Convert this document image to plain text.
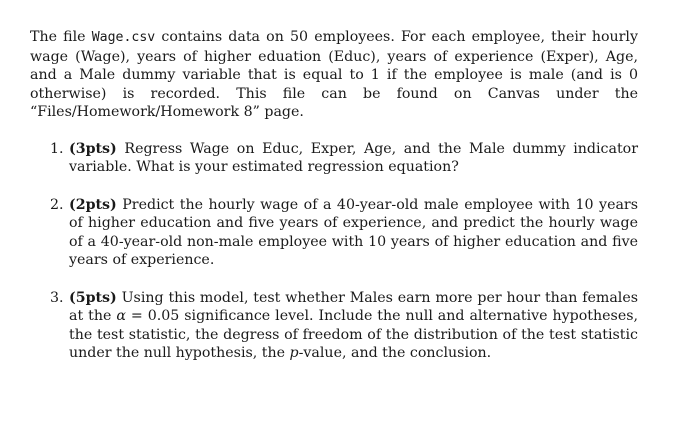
The file Wage.csv contains data on 50 employees. For each employee, their hourly wage (Wage), years of higher eduation (Educ), years of experience (Exper), Age, and a Male dummy variable that is equal to 1 if the employee is male (and is 0 otherwise) is recorded. This file can be found on Canvas under the “Files/Homework/Homework 8” page.

1. (3pts) Regress Wage on Educ, Exper, Age, and the Male dummy indicator variable. What is your estimated regression equation?
2. (2pts) Predict the hourly wage of a 40-year-old male employee with 10 years of higher education and five years of experience, and predict the hourly wage of a 40-year-old non-male employee with 10 years of higher education and five years of experience.
3. (5pts) Using this model, test whether Males earn more per hour than females at the α = 0.05 significance level. Include the null and alternative hypotheses, the test statistic, the degress of freedom of the distribution of the test statistic under the null hypothesis, the p-value, and the conclusion.
